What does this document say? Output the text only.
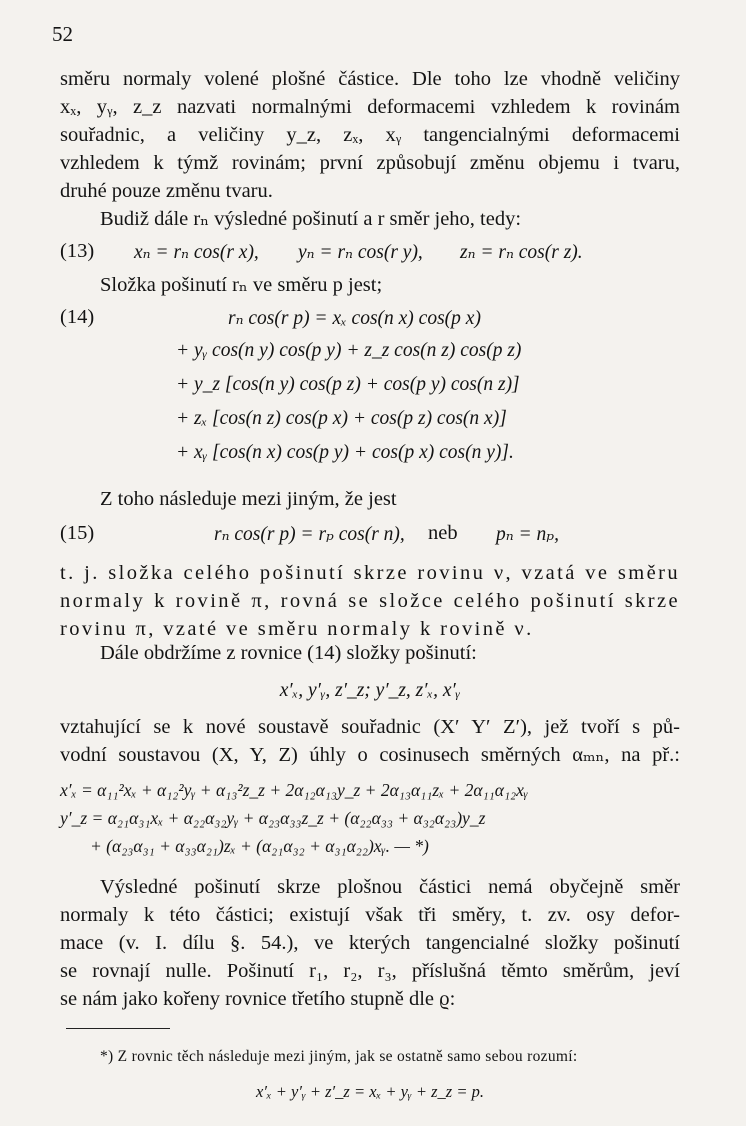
52
směru normaly volené plošné částice. Dle toho lze vhodně veličiny
xₓ, yᵧ, z_z nazvati normalnými deformacemi vzhledem k rovinám
souřadnic, a veličiny y_z, zₓ, xᵧ tangencialnými deformacemi
vzhledem k týmž rovinám; první způsobují změnu objemu i tvaru,
druhé pouze změnu tvaru.
Budiž dále rₙ výsledné pošinutí a r směr jeho, tedy:
(13) xₙ = rₙ cos(r x), yₙ = rₙ cos(r y), zₙ = rₙ cos(r z).
Složka pošinutí rₙ ve směru p jest;
(14)	rₙ cos(r p) = xₓ cos(n x) cos(p x)
+ yᵧ cos(n y) cos(p y) + z_z cos(n z) cos(p z)
+ y_z [cos(n y) cos(p z) + cos(p y) cos(n z)]
+ zₓ [cos(n z) cos(p x) + cos(p z) cos(n x)]
+ xᵧ [cos(n x) cos(p y) + cos(p x) cos(n y)].
Z toho následuje mezi jiným, že jest
(15)	rₙ cos(r p) = rₚ cos(r n), neb pₙ = nₚ,
t. j. složka celého pošinutí skrze rovinu ν, vzatá ve směru
normaly k rovině π, rovná se složce celého pošinutí skrze
rovinu π, vzaté ve směru normaly k rovině ν.
Dále obdržíme z rovnice (14) složky pošinutí:
x′ₓ, y′ᵧ, z′_z; y′_z, z′ₓ, x′ᵧ
vztahující se k nové soustavě souřadnic (X′ Y′ Z′), jež tvoří s pů-
vodní soustavou (X, Y, Z) úhly o cosinusech směrných αₘₙ, na př.:
x′ₓ = α₁₁²xₓ + α₁₂²yᵧ + α₁₃²z_z + 2α₁₂α₁₃y_z + 2α₁₃α₁₁zₓ + 2α₁₁α₁₂xᵧ
y′_z = α₂₁α₃₁xₓ + α₂₂α₃₂yᵧ + α₂₃α₃₃z_z + (α₂₂α₃₃ + α₃₂α₂₃)y_z
+ (α₂₃α₃₁ + α₃₃α₂₁)zₓ + (α₂₁α₃₂ + α₃₁α₂₂)xᵧ. — *)
Výsledné pošinutí skrze plošnou částici nemá obyčejně směr
normaly k této částici; existují však tři směry, t. zv. osy defor-
mace (v. I. dílu §. 54.), ve kterých tangencialné složky pošinutí
se rovnají nulle. Pošinutí r₁, r₂, r₃, příslušná těmto směrům, jeví
se nám jako kořeny rovnice třetího stupně dle ϱ:
*) Z rovnic těch následuje mezi jiným, jak se ostatně samo sebou rozumí:
x′ₓ + y′ᵧ + z′_z = xₓ + yᵧ + z_z = p.
